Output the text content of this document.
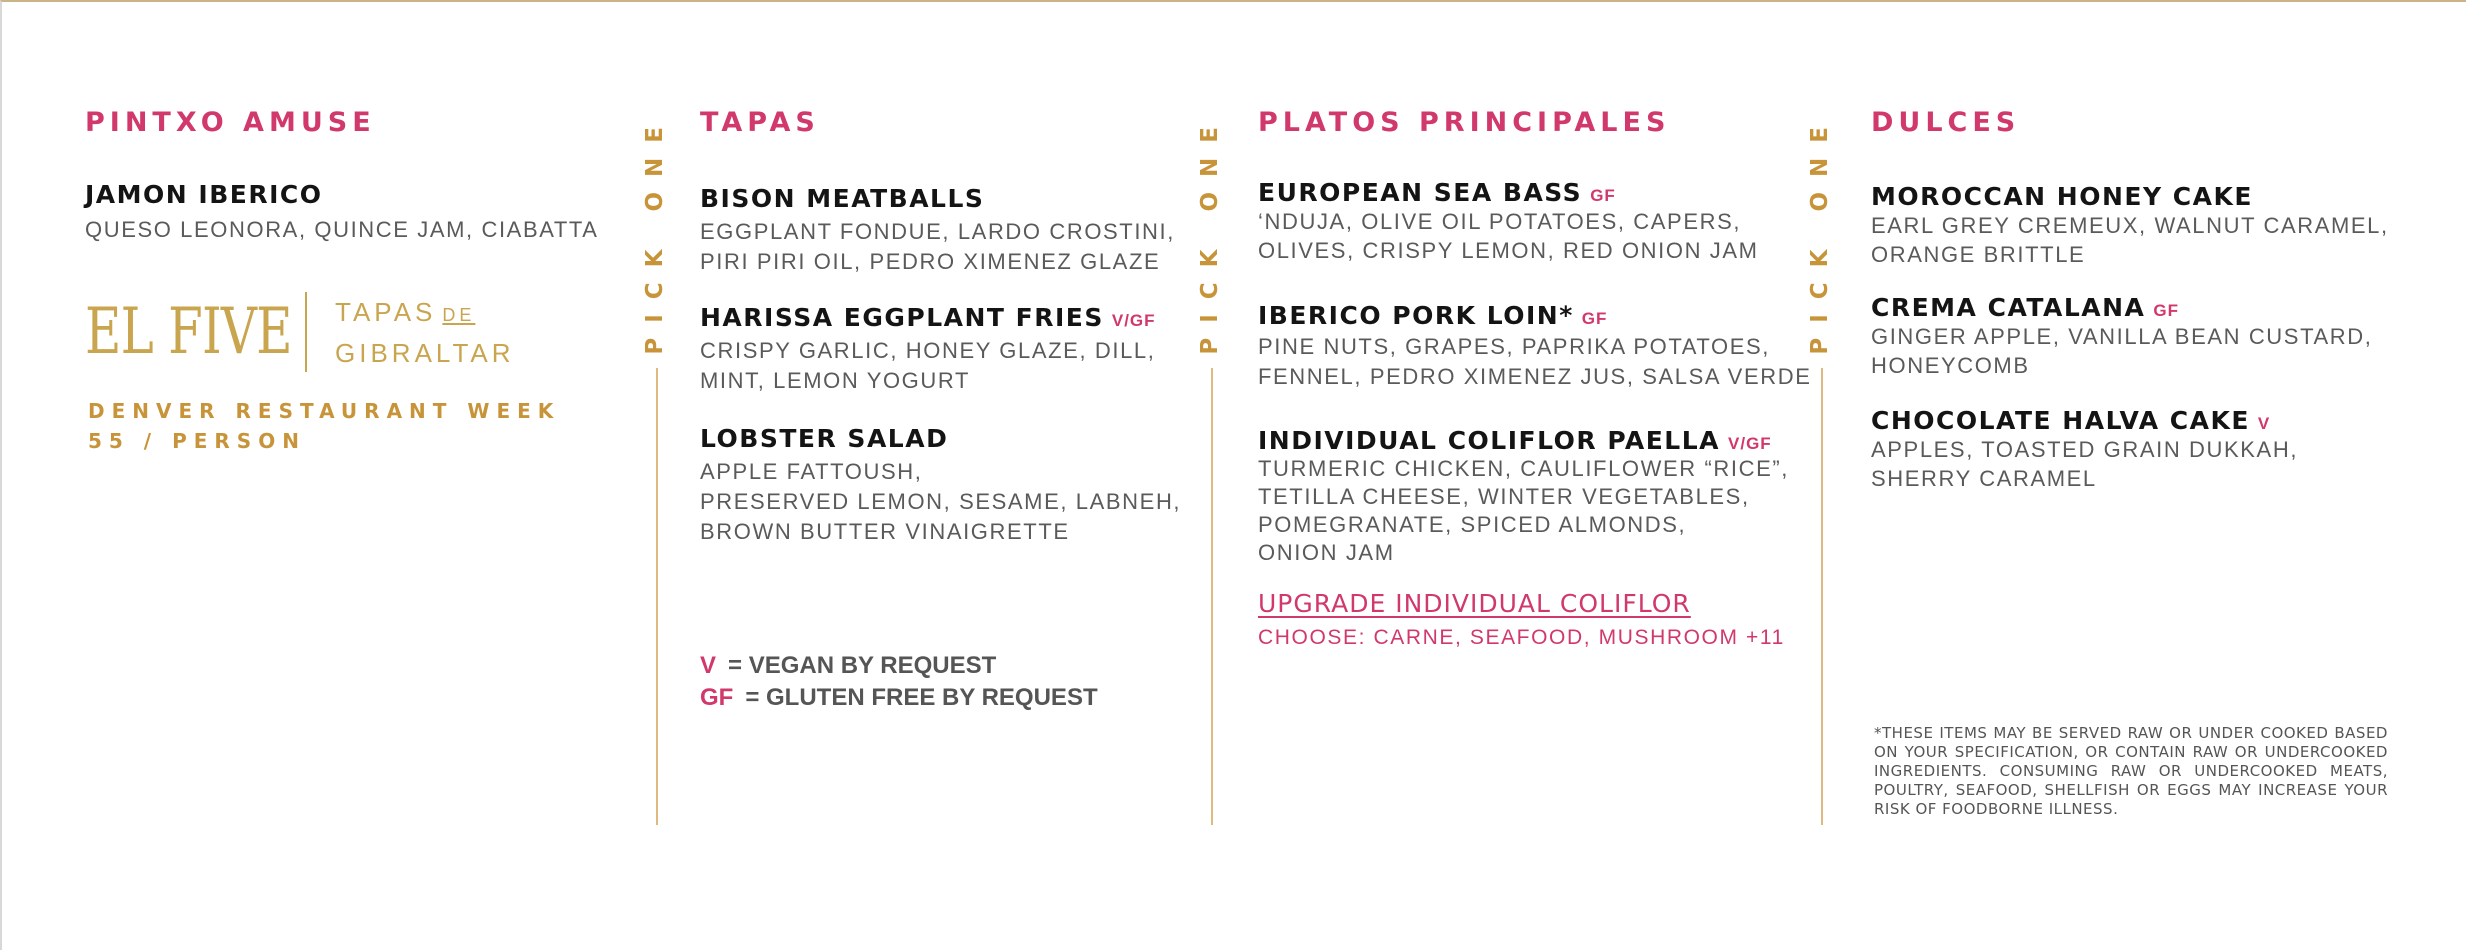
PINTXO AMUSE
JAMON IBERICO
QUESO LEONORA, QUINCE JAM, CIABATTA
EL FIVE TAPAS DE
GIBRALTAR
DENVER RESTAURANT WEEK
55 / PERSON
PICK ONE TAPAS
BISON MEATBALLS
EGGPLANT FONDUE, LARDO CROSTINI,
PIRI PIRI OIL, PEDRO XIMENEZ GLAZE
HARISSA EGGPLANT FRIES V/GF
CRISPY GARLIC, HONEY GLAZE, DILL,
MINT, LEMON YOGURT
LOBSTER SALAD
APPLE FATTOUSH,
PRESERVED LEMON, SESAME, LABNEH,
BROWN BUTTER VINAIGRETTE
V = VEGAN BY REQUEST
GF = GLUTEN FREE BY REQUEST
PICK ONE PLATOS PRINCIPALES
EUROPEAN SEA BASS GF
‘NDUJA, OLIVE OIL POTATOES, CAPERS,
OLIVES, CRISPY LEMON, RED ONION JAM
IBERICO PORK LOIN* GF
PINE NUTS, GRAPES, PAPRIKA POTATOES,
FENNEL, PEDRO XIMENEZ JUS, SALSA VERDE
INDIVIDUAL COLIFLOR PAELLA V/GF
TURMERIC CHICKEN, CAULIFLOWER “RICE”,
TETILLA CHEESE, WINTER VEGETABLES,
POMEGRANATE, SPICED ALMONDS,
ONION JAM
UPGRADE INDIVIDUAL COLIFLOR
CHOOSE: CARNE, SEAFOOD, MUSHROOM +11
PICK ONE DULCES
MOROCCAN HONEY CAKE
EARL GREY CREMEUX, WALNUT CARAMEL,
ORANGE BRITTLE
CREMA CATALANA GF
GINGER APPLE, VANILLA BEAN CUSTARD,
HONEYCOMB
CHOCOLATE HALVA CAKE V
APPLES, TOASTED GRAIN DUKKAH,
SHERRY CARAMEL
*THESE ITEMS MAY BE SERVED RAW OR UNDER COOKED BASED ON YOUR SPECIFICATION, OR CONTAIN RAW OR UNDERCOOKED INGREDIENTS. CONSUMING RAW OR UNDERCOOKED MEATS, POULTRY, SEAFOOD, SHELLFISH OR EGGS MAY INCREASE YOUR RISK OF FOODBORNE ILLNESS.
